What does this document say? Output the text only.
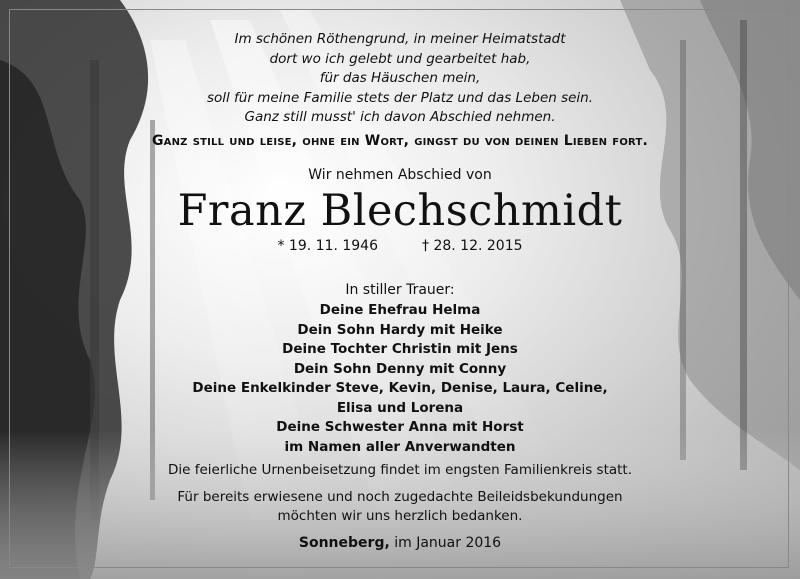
Im schönen Röthengrund, in meiner Heimatstadt
dort wo ich gelebt und gearbeitet hab,
für das Häuschen mein,
soll für meine Familie stets der Platz und das Leben sein.
Ganz still musst' ich davon Abschied nehmen.
Ganz still und leise, ohne ein Wort, gingst du von deinen Lieben fort.
Wir nehmen Abschied von
Franz Blechschmidt
* 19. 11. 1946	† 28. 12. 2015
In stiller Trauer:
Deine Ehefrau Helma
Dein Sohn Hardy mit Heike
Deine Tochter Christin mit Jens
Dein Sohn Denny mit Conny
Deine Enkelkinder Steve, Kevin, Denise, Laura, Celine,
Elisa und Lorena
Deine Schwester Anna mit Horst
im Namen aller Anverwandten
Die feierliche Urnenbeisetzung findet im engsten Familienkreis statt.
Für bereits erwiesene und noch zugedachte Beileidsbekundungen
möchten wir uns herzlich bedanken.
Sonneberg, im Januar 2016
